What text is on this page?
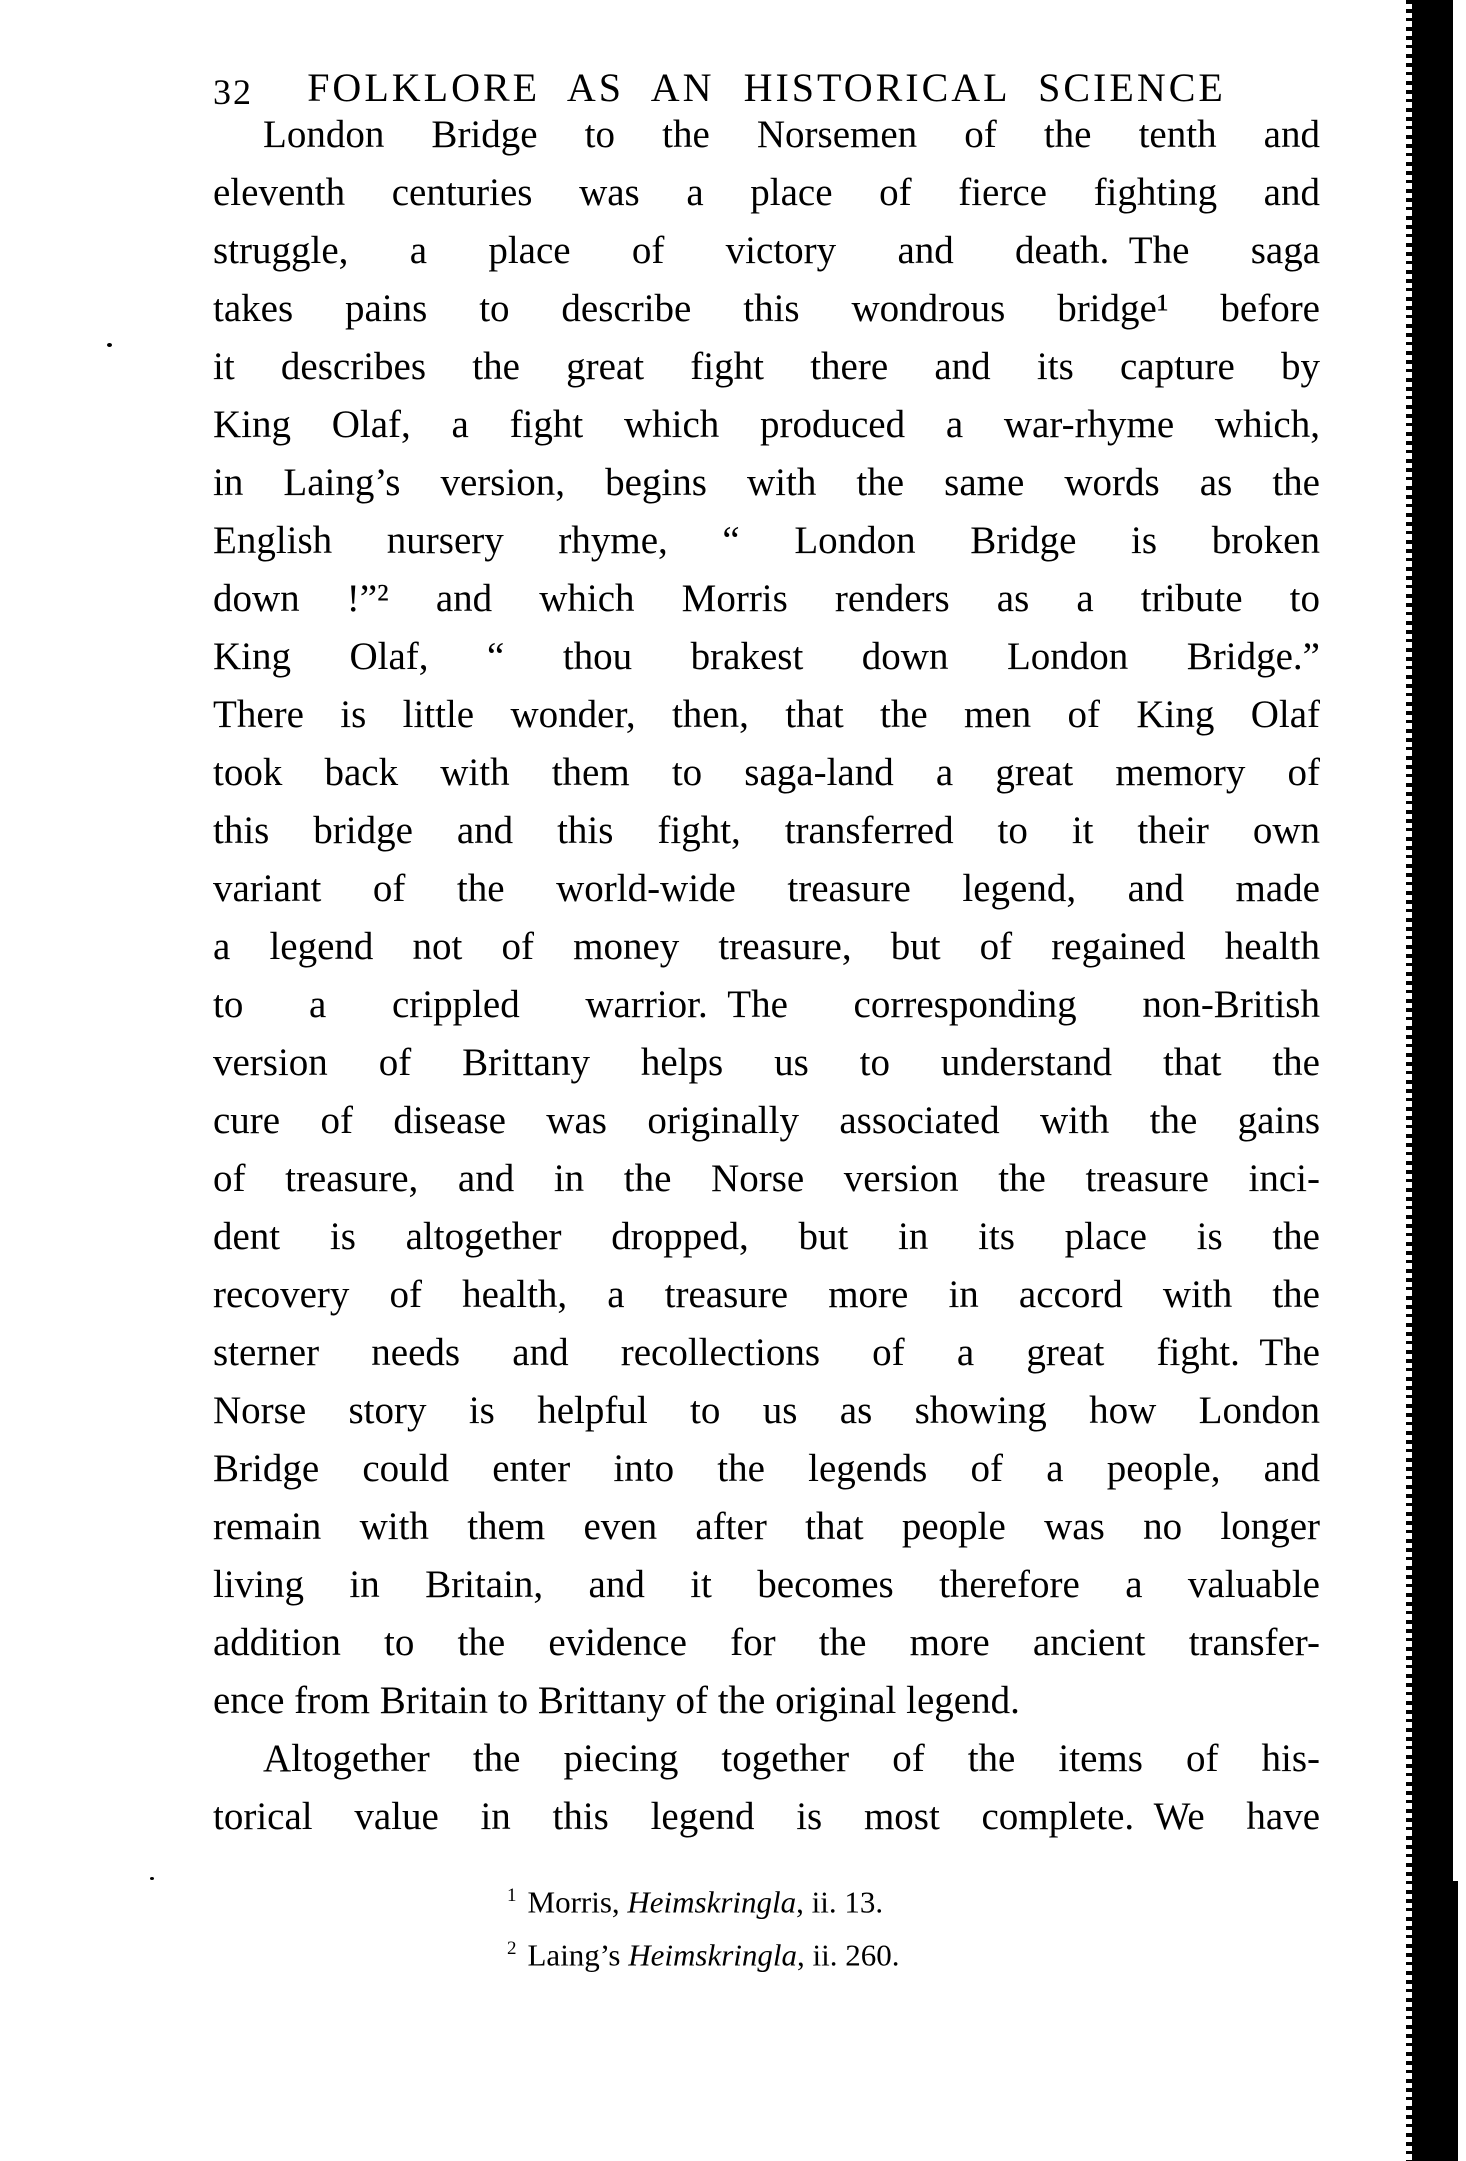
32	FOLKLORE AS AN HISTORICAL SCIENCE
London Bridge to the Norsemen of the tenth and
eleventh centuries was a place of fierce fighting and
struggle, a place of victory and death. The saga
takes pains to describe this wondrous bridge¹ before
it describes the great fight there and its capture by
King Olaf, a fight which produced a war-rhyme which,
in Laing’s version, begins with the same words as the
English nursery rhyme, “ London Bridge is broken
down !”² and which Morris renders as a tribute to
King Olaf, “ thou brakest down London Bridge.”
There is little wonder, then, that the men of King Olaf
took back with them to saga-land a great memory of
this bridge and this fight, transferred to it their own
variant of the world-wide treasure legend, and made
a legend not of money treasure, but of regained health
to a crippled warrior. The corresponding non-British
version of Brittany helps us to understand that the
cure of disease was originally associated with the gains
of treasure, and in the Norse version the treasure inci-
dent is altogether dropped, but in its place is the
recovery of health, a treasure more in accord with the
sterner needs and recollections of a great fight. The
Norse story is helpful to us as showing how London
Bridge could enter into the legends of a people, and
remain with them even after that people was no longer
living in Britain, and it becomes therefore a valuable
addition to the evidence for the more ancient transfer-
ence from Britain to Brittany of the original legend.
Altogether the piecing together of the items of his-
torical value in this legend is most complete. We have
$^1$ Morris, Heimskringla, ii. 13.
$^2$ Laing’s Heimskringla, ii. 260.
